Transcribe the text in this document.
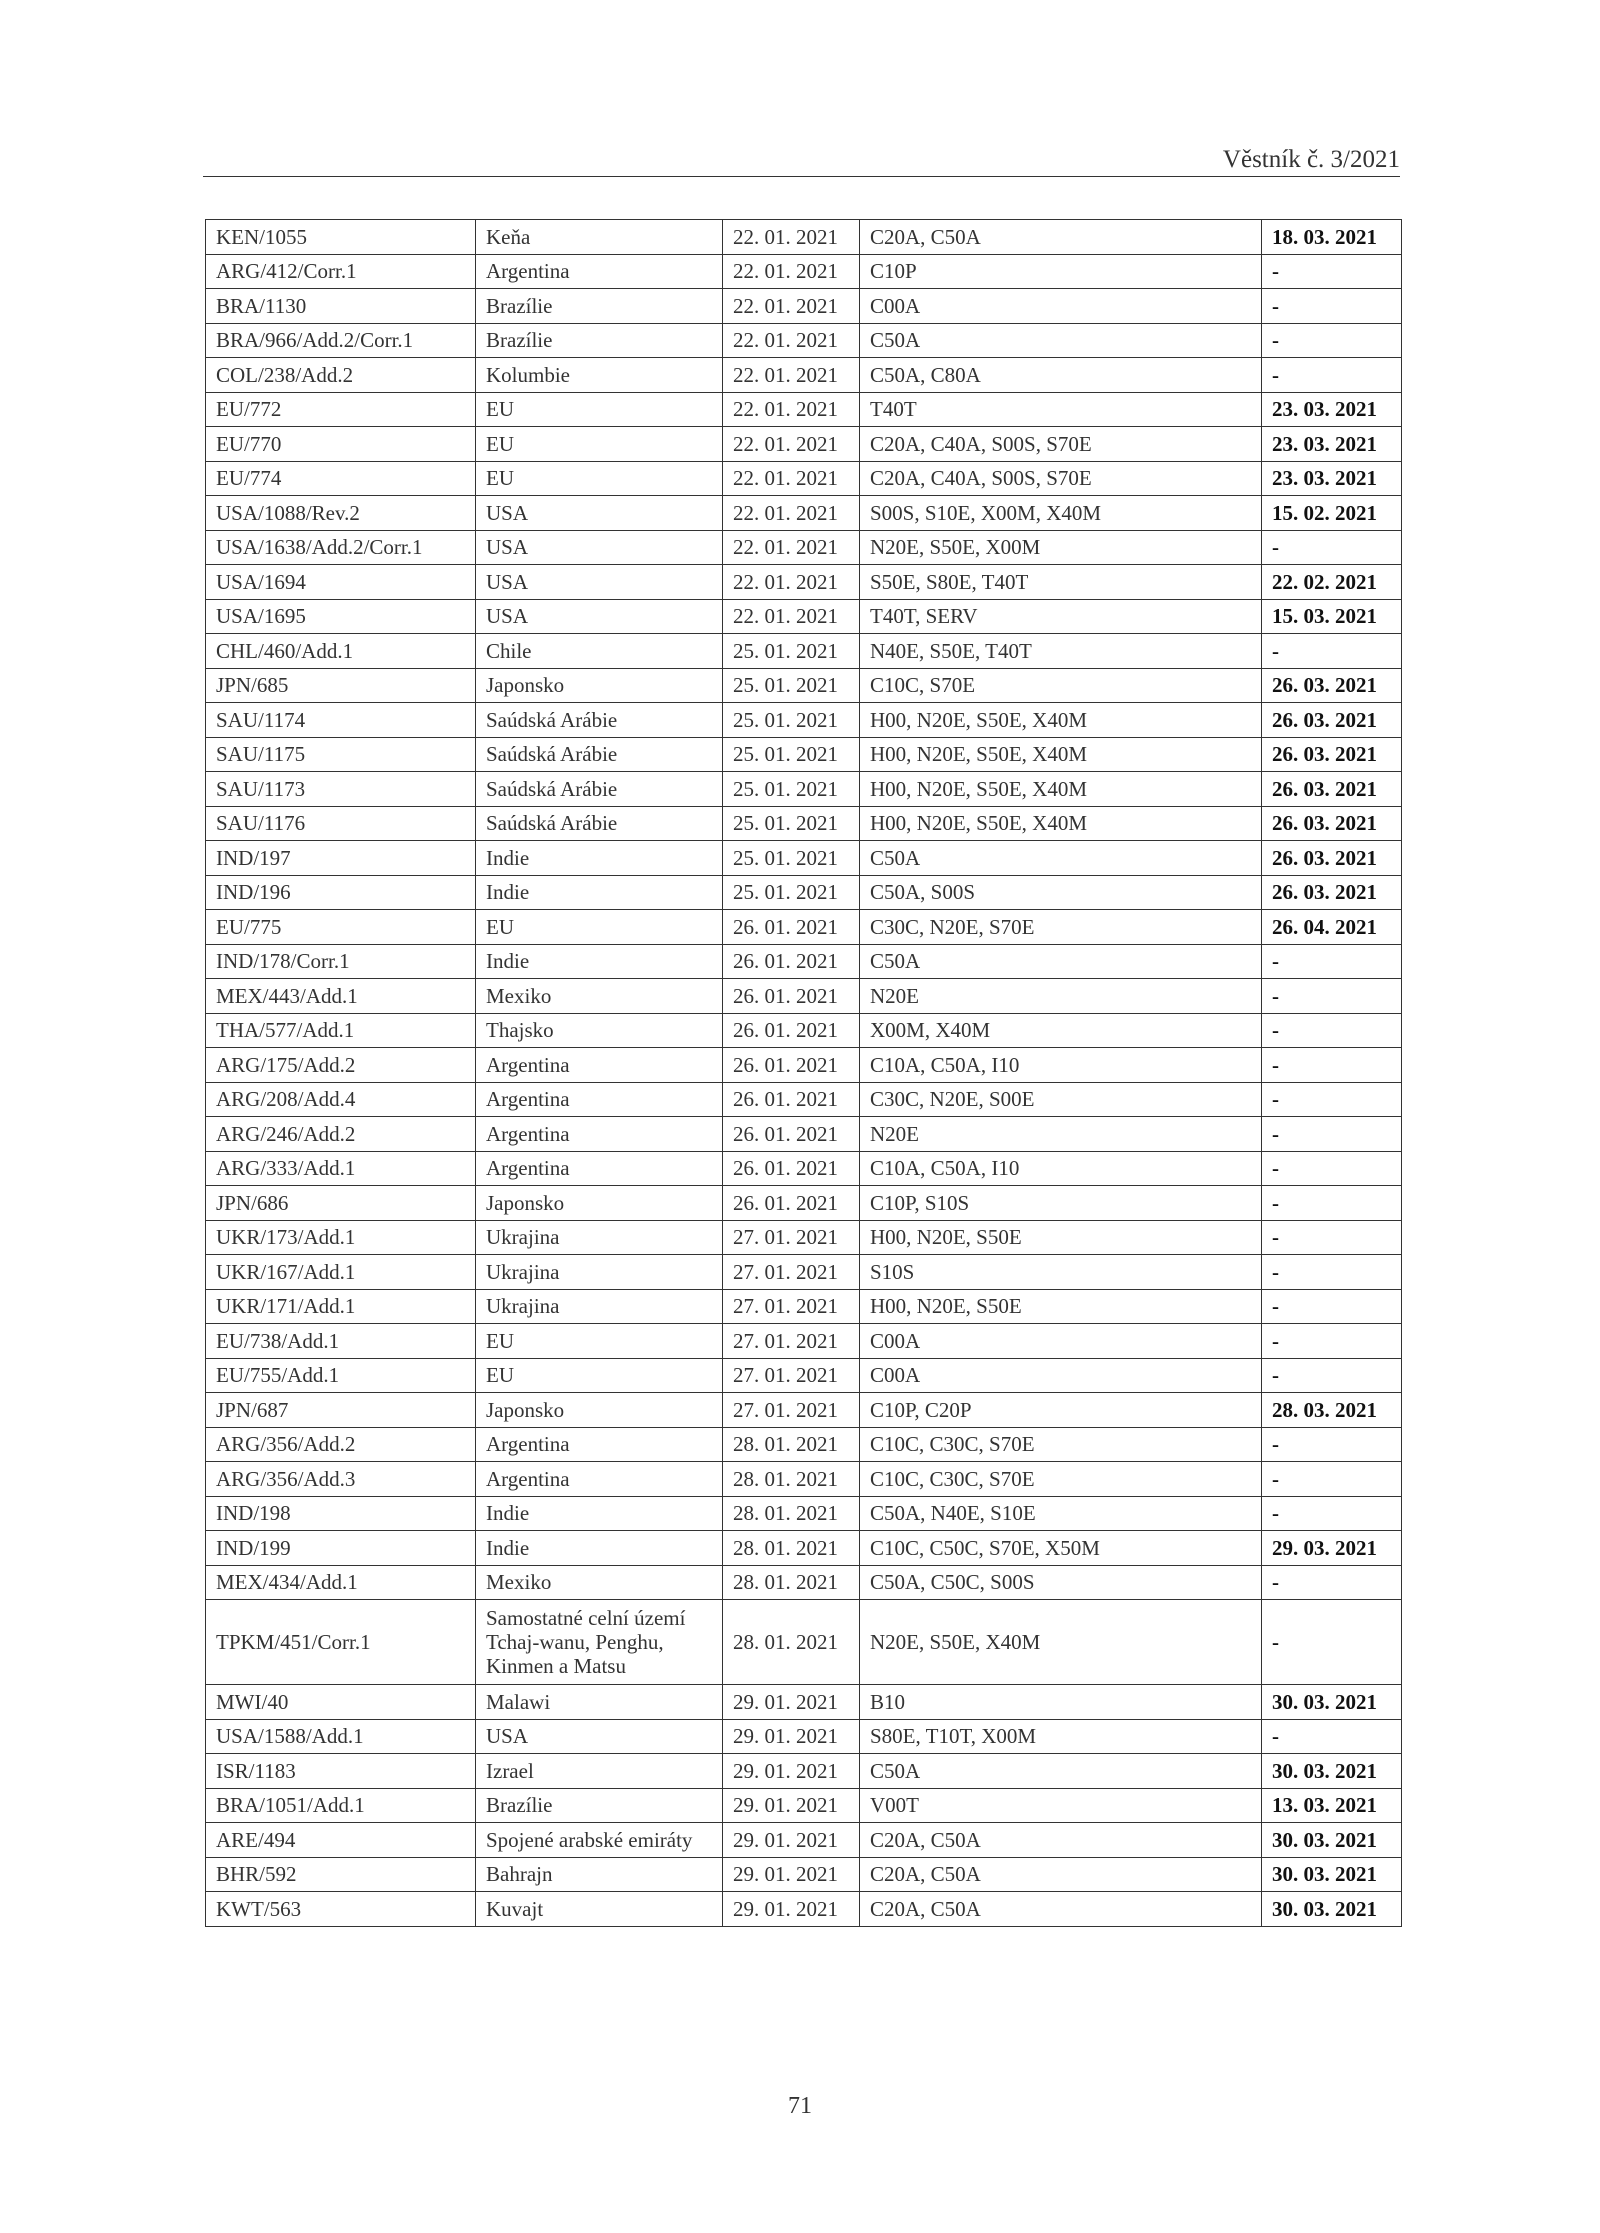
Věstník č. 3/2021
KEN/1055	Keňa	22. 01. 2021	C20A, C50A	18. 03. 2021
ARG/412/Corr.1	Argentina	22. 01. 2021	C10P	-
BRA/1130	Brazílie	22. 01. 2021	C00A	-
BRA/966/Add.2/Corr.1	Brazílie	22. 01. 2021	C50A	-
COL/238/Add.2	Kolumbie	22. 01. 2021	C50A, C80A	-
EU/772	EU	22. 01. 2021	T40T	23. 03. 2021
EU/770	EU	22. 01. 2021	C20A, C40A, S00S, S70E	23. 03. 2021
EU/774	EU	22. 01. 2021	C20A, C40A, S00S, S70E	23. 03. 2021
USA/1088/Rev.2	USA	22. 01. 2021	S00S, S10E, X00M, X40M	15. 02. 2021
USA/1638/Add.2/Corr.1	USA	22. 01. 2021	N20E, S50E, X00M	-
USA/1694	USA	22. 01. 2021	S50E, S80E, T40T	22. 02. 2021
USA/1695	USA	22. 01. 2021	T40T, SERV	15. 03. 2021
CHL/460/Add.1	Chile	25. 01. 2021	N40E, S50E, T40T	-
JPN/685	Japonsko	25. 01. 2021	C10C, S70E	26. 03. 2021
SAU/1174	Saúdská Arábie	25. 01. 2021	H00, N20E, S50E, X40M	26. 03. 2021
SAU/1175	Saúdská Arábie	25. 01. 2021	H00, N20E, S50E, X40M	26. 03. 2021
SAU/1173	Saúdská Arábie	25. 01. 2021	H00, N20E, S50E, X40M	26. 03. 2021
SAU/1176	Saúdská Arábie	25. 01. 2021	H00, N20E, S50E, X40M	26. 03. 2021
IND/197	Indie	25. 01. 2021	C50A	26. 03. 2021
IND/196	Indie	25. 01. 2021	C50A, S00S	26. 03. 2021
EU/775	EU	26. 01. 2021	C30C, N20E, S70E	26. 04. 2021
IND/178/Corr.1	Indie	26. 01. 2021	C50A	-
MEX/443/Add.1	Mexiko	26. 01. 2021	N20E	-
THA/577/Add.1	Thajsko	26. 01. 2021	X00M, X40M	-
ARG/175/Add.2	Argentina	26. 01. 2021	C10A, C50A, I10	-
ARG/208/Add.4	Argentina	26. 01. 2021	C30C, N20E, S00E	-
ARG/246/Add.2	Argentina	26. 01. 2021	N20E	-
ARG/333/Add.1	Argentina	26. 01. 2021	C10A, C50A, I10	-
JPN/686	Japonsko	26. 01. 2021	C10P, S10S	-
UKR/173/Add.1	Ukrajina	27. 01. 2021	H00, N20E, S50E	-
UKR/167/Add.1	Ukrajina	27. 01. 2021	S10S	-
UKR/171/Add.1	Ukrajina	27. 01. 2021	H00, N20E, S50E	-
EU/738/Add.1	EU	27. 01. 2021	C00A	-
EU/755/Add.1	EU	27. 01. 2021	C00A	-
JPN/687	Japonsko	27. 01. 2021	C10P, C20P	28. 03. 2021
ARG/356/Add.2	Argentina	28. 01. 2021	C10C, C30C, S70E	-
ARG/356/Add.3	Argentina	28. 01. 2021	C10C, C30C, S70E	-
IND/198	Indie	28. 01. 2021	C50A, N40E, S10E	-
IND/199	Indie	28. 01. 2021	C10C, C50C, S70E, X50M	29. 03. 2021
MEX/434/Add.1	Mexiko	28. 01. 2021	C50A, C50C, S00S	-
TPKM/451/Corr.1	Samostatné celní území Tchaj-wanu, Penghu, Kinmen a Matsu	28. 01. 2021	N20E, S50E, X40M	-
MWI/40	Malawi	29. 01. 2021	B10	30. 03. 2021
USA/1588/Add.1	USA	29. 01. 2021	S80E, T10T, X00M	-
ISR/1183	Izrael	29. 01. 2021	C50A	30. 03. 2021
BRA/1051/Add.1	Brazílie	29. 01. 2021	V00T	13. 03. 2021
ARE/494	Spojené arabské emiráty	29. 01. 2021	C20A, C50A	30. 03. 2021
BHR/592	Bahrajn	29. 01. 2021	C20A, C50A	30. 03. 2021
KWT/563	Kuvajt	29. 01. 2021	C20A, C50A	30. 03. 2021
71
